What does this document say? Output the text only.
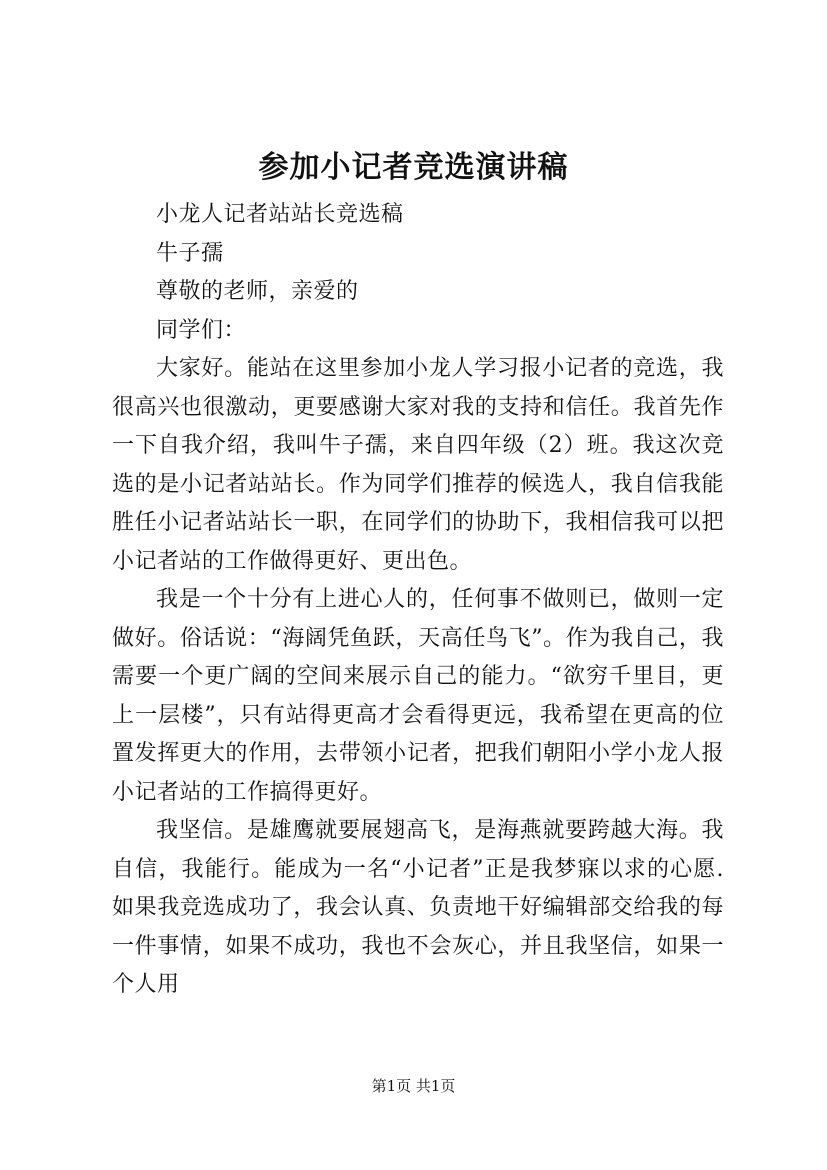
参加小记者竞选演讲稿

小龙人记者站站长竞选稿

牛子孺

尊敬的老师，亲爱的

同学们：

大家好。能站在这里参加小龙人学习报小记者的竞选，我很高兴也很激动，更要感谢大家对我的支持和信任。我首先作一下自我介绍，我叫牛子孺，来自四年级（2）班。我这次竞选的是小记者站站长。作为同学们推荐的候选人，我自信我能胜任小记者站站长一职，在同学们的协助下，我相信我可以把小记者站的工作做得更好、更出色。

我是一个十分有上进心人的，任何事不做则已，做则一定做好。俗话说：“海阔凭鱼跃，天高任鸟飞”。作为我自己，我需要一个更广阔的空间来展示自己的能力。“欲穷千里目，更上一层楼”，只有站得更高才会看得更远，我希望在更高的位置发挥更大的作用，去带领小记者，把我们朝阳小学小龙人报小记者站的工作搞得更好。

我坚信。是雄鹰就要展翅高飞，是海燕就要跨越大海。我自信，我能行。能成为一名“小记者”正是我梦寐以求的心愿.如果我竞选成功了，我会认真、负责地干好编辑部交给我的每一件事情，如果不成功，我也不会灰心，并且我坚信，如果一个人用

第1页 共1页
